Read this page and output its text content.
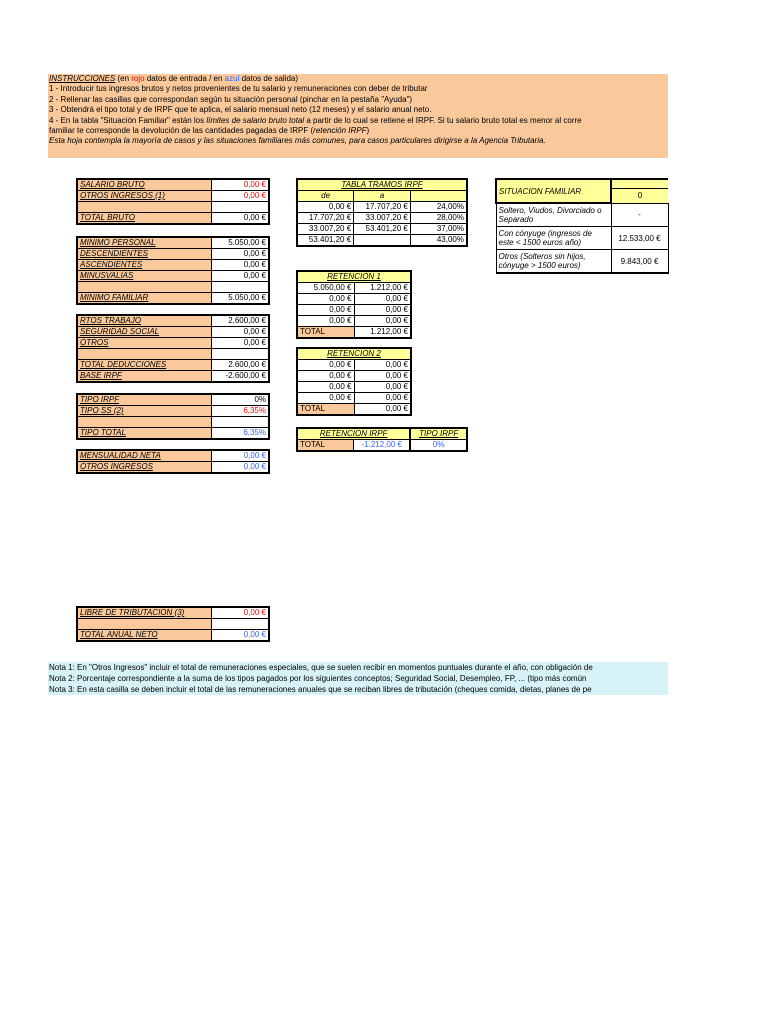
INSTRUCCIONES (en rojo datos de entrada / en azul datos de salida)
1 - Introducir tus ingresos brutos y netos provenientes de tu salario y remuneraciones con deber de tributar
2 - Rellenar las casillas que correspondan según tu situación personal (pinchar en la pestaña "Ayuda")
3 - Obtendrá el tipo total y de IRPF que te aplica, el salario mensual neto (12 meses) y el salario anual neto.
4 - En la tabla "Situación Familiar" están los límites de salario bruto total a partir de lo cual se retiene el IRPF. Si tu salario bruto total es menor al corre
familiar te corresponde la devolución de las cantidades pagadas de IRPF (retención IRPF)
Esta hoja contempla la mayoría de casos y las situaciones familiares más comunes, para casos particulares dirigirse a la Agencia Tributaria.
SALARIO BRUTO	0,00 €
OTROS INGRESOS (1)	0,00 €

TOTAL BRUTO	0,00 €
MINIMO PERSONAL	5.050,00 €
DESCENDIENTES	0,00 €
ASCENDIENTES	0,00 €
MINUSVALIAS	0,00 €

MINIMO FAMILIAR	5.050,00 €
RTOS TRABAJO	2.600,00 €
SEGURIDAD SOCIAL	0,00 €
OTROS	0,00 €

TOTAL DEDUCCIONES	2.600,00 €
BASE IRPF	-2.600,00 €
TIPO IRPF	0%
TIPO SS (2)	6,35%

TIPO TOTAL	6,35%
MENSUALIDAD NETA	0,00 €
OTROS INGRESOS	0,00 €
LIBRE DE TRIBUTACION (3)	0,00 €

TOTAL ANUAL NETO	0,00 €
TABLA TRAMOS IRPF		
de	a	
0,00 €	17.707,20 €	24,00%
17.707,20 €	33.007,20 €	28,00%
33.007,20 €	53.401,20 €	37,00%
53.401,20 €		43,00%
RETENCION 1	
5.050,00 €	1.212,00 €
0,00 €	0,00 €
0,00 €	0,00 €
0,00 €	0,00 €
TOTAL	1.212,00 €
RETENCION 2	
0,00 €	0,00 €
0,00 €	0,00 €
0,00 €	0,00 €
0,00 €	0,00 €
TOTAL	0,00 €
RETENCION IRPF		TIPO IRPF
TOTAL	-1.212,00 €	0%
SITUACION FAMILIAR	
	0
Soltero, Viudos, Divorciado o Separado	-
Con cónyuge (ingresos de este < 1500 euros año)	12.533,00 €
Otros (Solteros sin hijos, cónyuge > 1500 euros)	9.843,00 €
Nota 1: En "Otros Ingresos" incluir el total de remuneraciones especiales, que se suelen recibir en momentos puntuales durante el año, con obligación de
Nota 2: Porcentaje correspondiente a la suma de los tipos pagados por los siguientes conceptos; Seguridad Social, Desempleo, FP, ... (tipo más común
Nota 3: En esta casilla se deben incluir el total de las remuneraciones anuales que se reciban libres de tributación (cheques comida, dietas, planes de pe
